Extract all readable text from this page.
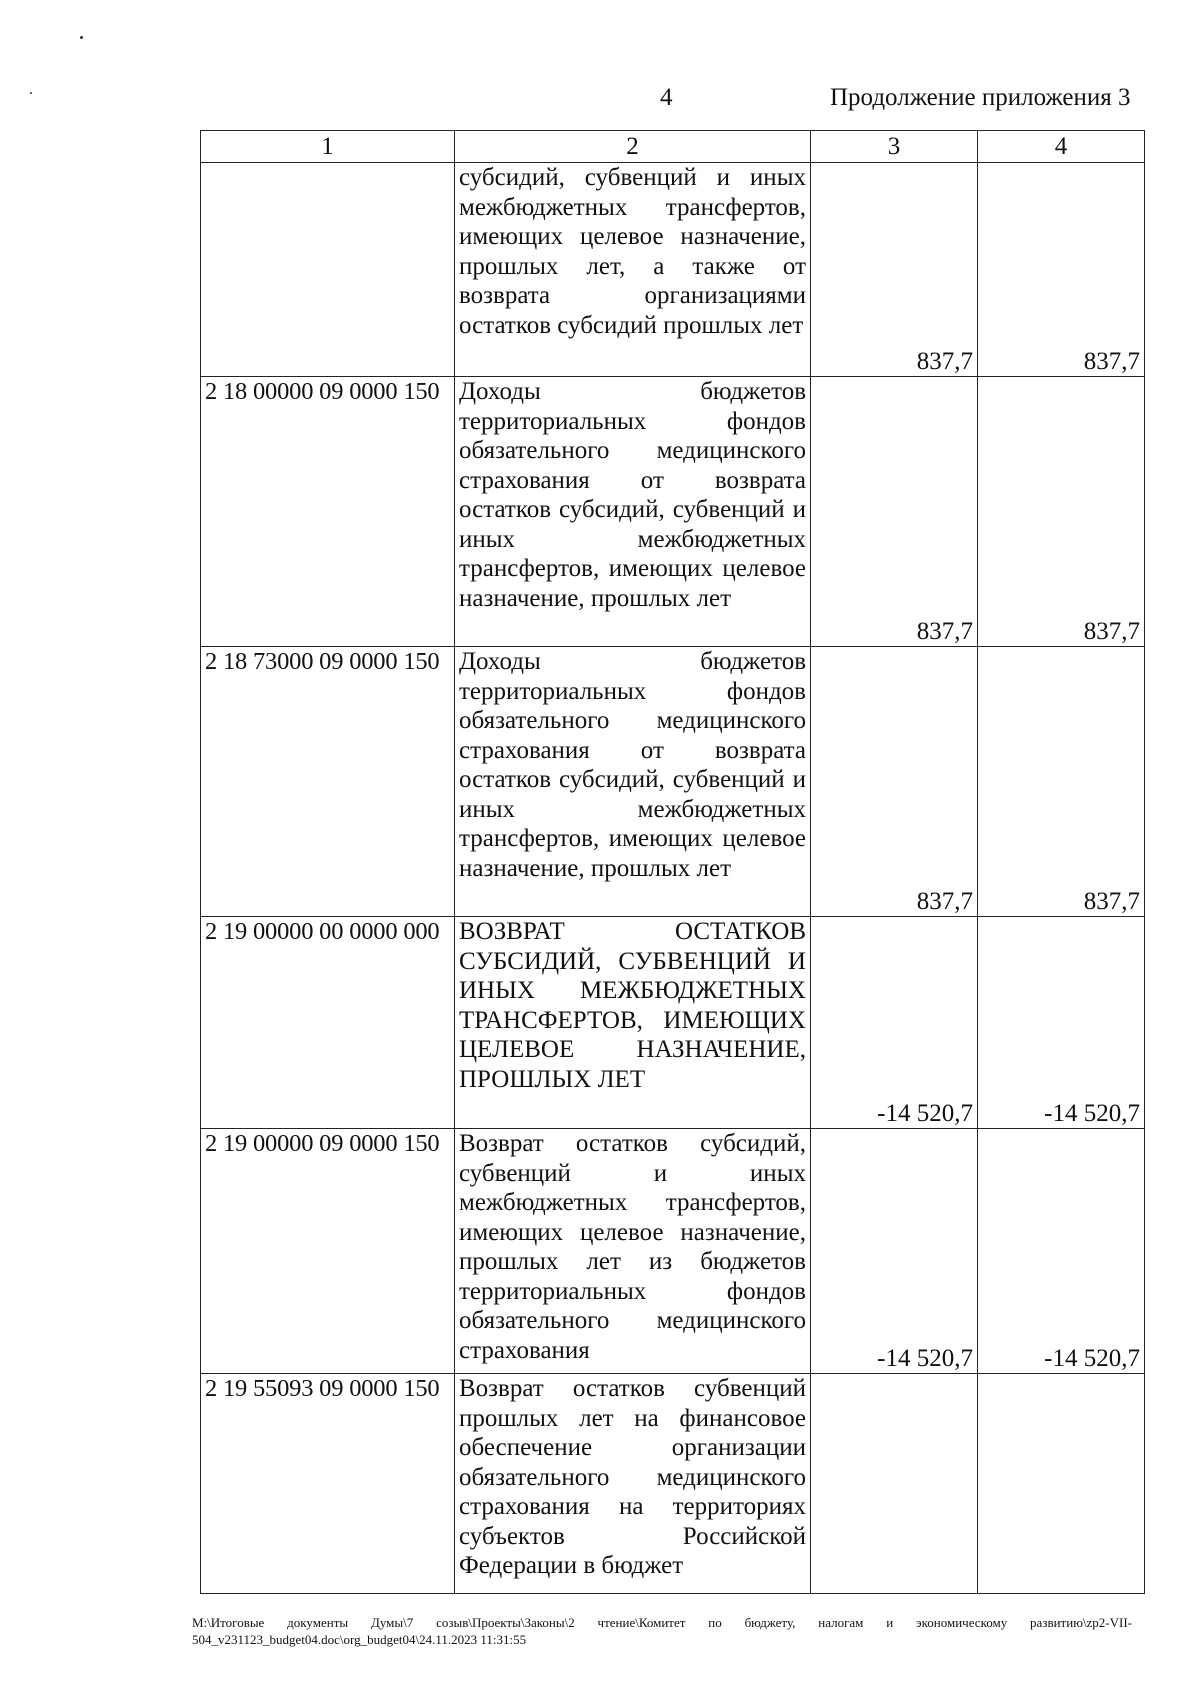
4	Продолжение приложения 3
1	2	3	4
	субсидий, субвенций и иных межбюджетных трансфертов, имеющих целевое назначение, прошлых лет, а также от возврата организациями остатков субсидий прошлых лет	837,7	837,7
2 18 00000 09 0000 150	Доходы бюджетов территориальных фондов обязательного медицинского страхования от возврата остатков субсидий, субвенций и иных межбюджетных трансфертов, имеющих целевое назначение, прошлых лет	837,7	837,7
2 18 73000 09 0000 150	Доходы бюджетов территориальных фондов обязательного медицинского страхования от возврата остатков субсидий, субвенций и иных межбюджетных трансфертов, имеющих целевое назначение, прошлых лет	837,7	837,7
2 19 00000 00 0000 000	ВОЗВРАТ ОСТАТКОВ СУБСИДИЙ, СУБВЕНЦИЙ И ИНЫХ МЕЖБЮДЖЕТНЫХ ТРАНСФЕРТОВ, ИМЕЮЩИХ ЦЕЛЕВОЕ НАЗНАЧЕНИЕ, ПРОШЛЫХ ЛЕТ	-14 520,7	-14 520,7
2 19 00000 09 0000 150	Возврат остатков субсидий, субвенций и иных межбюджетных трансфертов, имеющих целевое назначение, прошлых лет из бюджетов территориальных фондов обязательного медицинского страхования	-14 520,7	-14 520,7
2 19 55093 09 0000 150	Возврат остатков субвенций прошлых лет на финансовое обеспечение организации обязательного медицинского страхования на территориях субъектов Российской Федерации в бюджет		
M:\Итоговые документы Думы\7 созыв\Проекты\Законы\2 чтение\Комитет по бюджету, налогам и экономическому развитию\zp2-VII-504_v231123_budget04.doc\org_budget04\24.11.2023 11:31:55
